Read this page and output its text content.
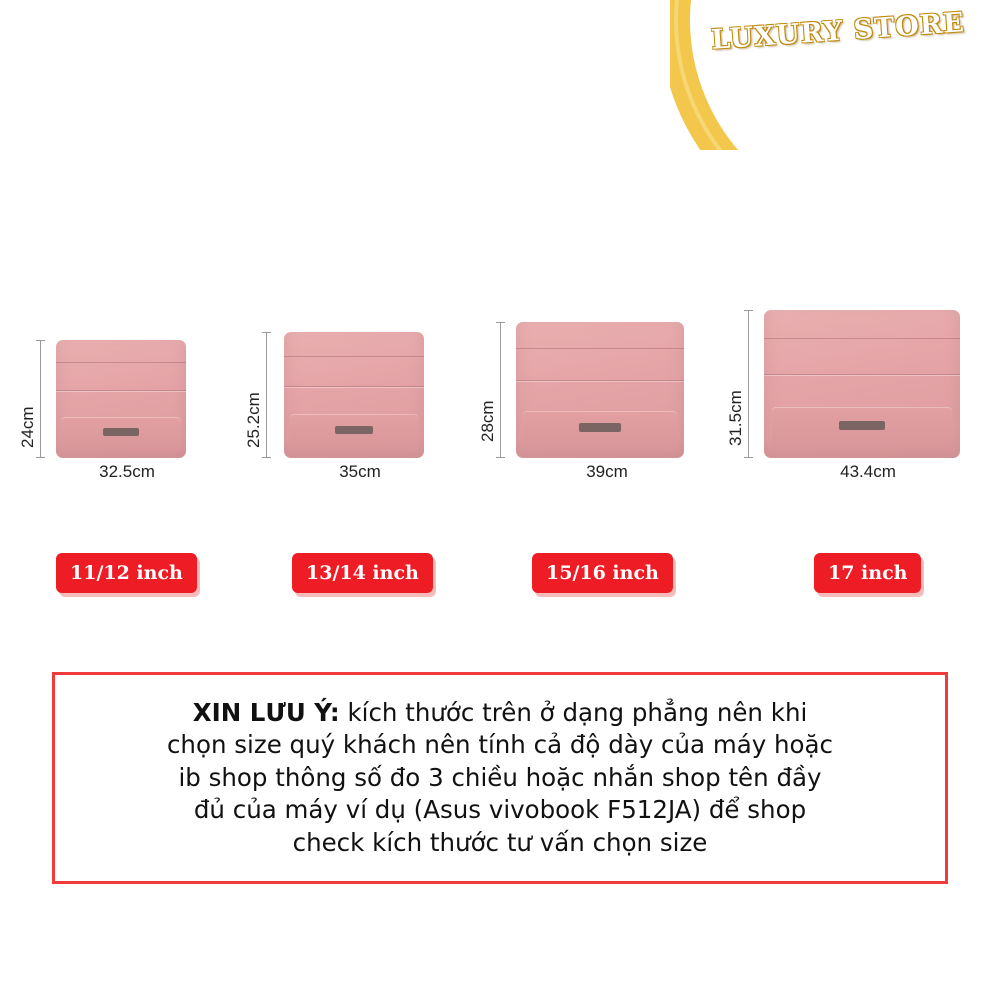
LUXURY STORE
✦
✦
24cm
32.5cm
25.2cm
35cm
28cm
39cm
31.5cm
43.4cm
11/12 inch	13/14 inch	15/16 inch	17 inch
XIN LƯU Ý: kích thước trên ở dạng phẳng nên khi
chọn size quý khách nên tính cả độ dày của máy hoặc
ib shop thông số đo 3 chiều hoặc nhắn shop tên đầy
đủ của máy ví dụ (Asus vivobook F512JA) để shop
check kích thước tư vấn chọn size
